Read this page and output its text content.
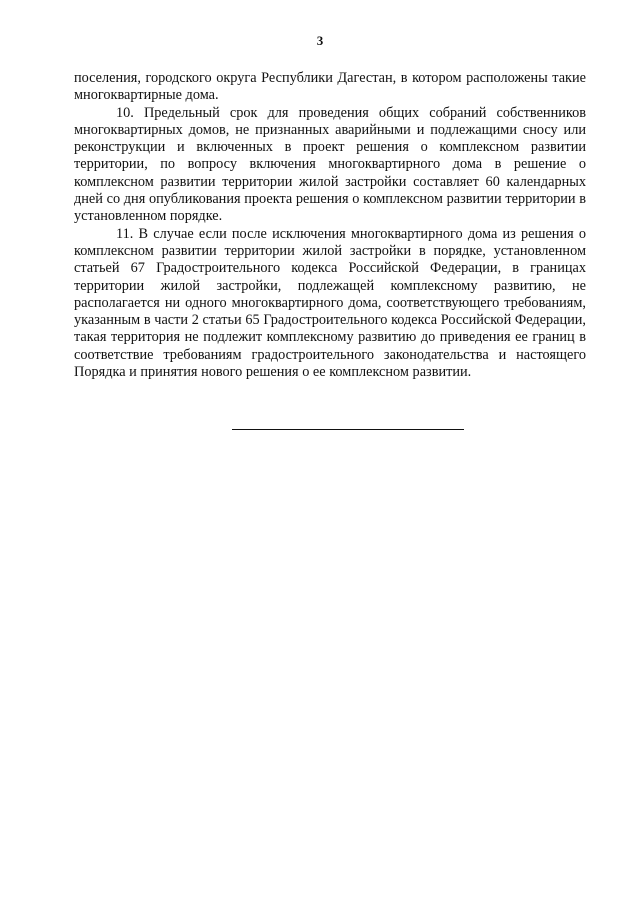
3

поселения, городского округа Республики Дагестан, в котором расположены такие многоквартирные дома.

10. Предельный срок для проведения общих собраний собственников многоквартирных домов, не признанных аварийными и подлежащими сносу или реконструкции и включенных в проект решения о комплексном развитии территории, по вопросу включения многоквартирного дома в решение о комплексном развитии территории жилой застройки составляет 60 календарных дней со дня опубликования проекта решения о комплексном развитии территории в установленном порядке.

11. В случае если после исключения многоквартирного дома из решения о комплексном развитии территории жилой застройки в порядке, установленном статьей 67 Градостроительного кодекса Российской Федерации, в границах территории жилой застройки, подлежащей комплексному развитию, не располагается ни одного многоквартирного дома, соответствующего требованиям, указанным в части 2 статьи 65 Градостроительного кодекса Российской Федерации, такая территория не подлежит комплексному развитию до приведения ее границ в соответствие требованиям градостроительного законодательства и настоящего Порядка и принятия нового решения о ее комплексном развитии.
